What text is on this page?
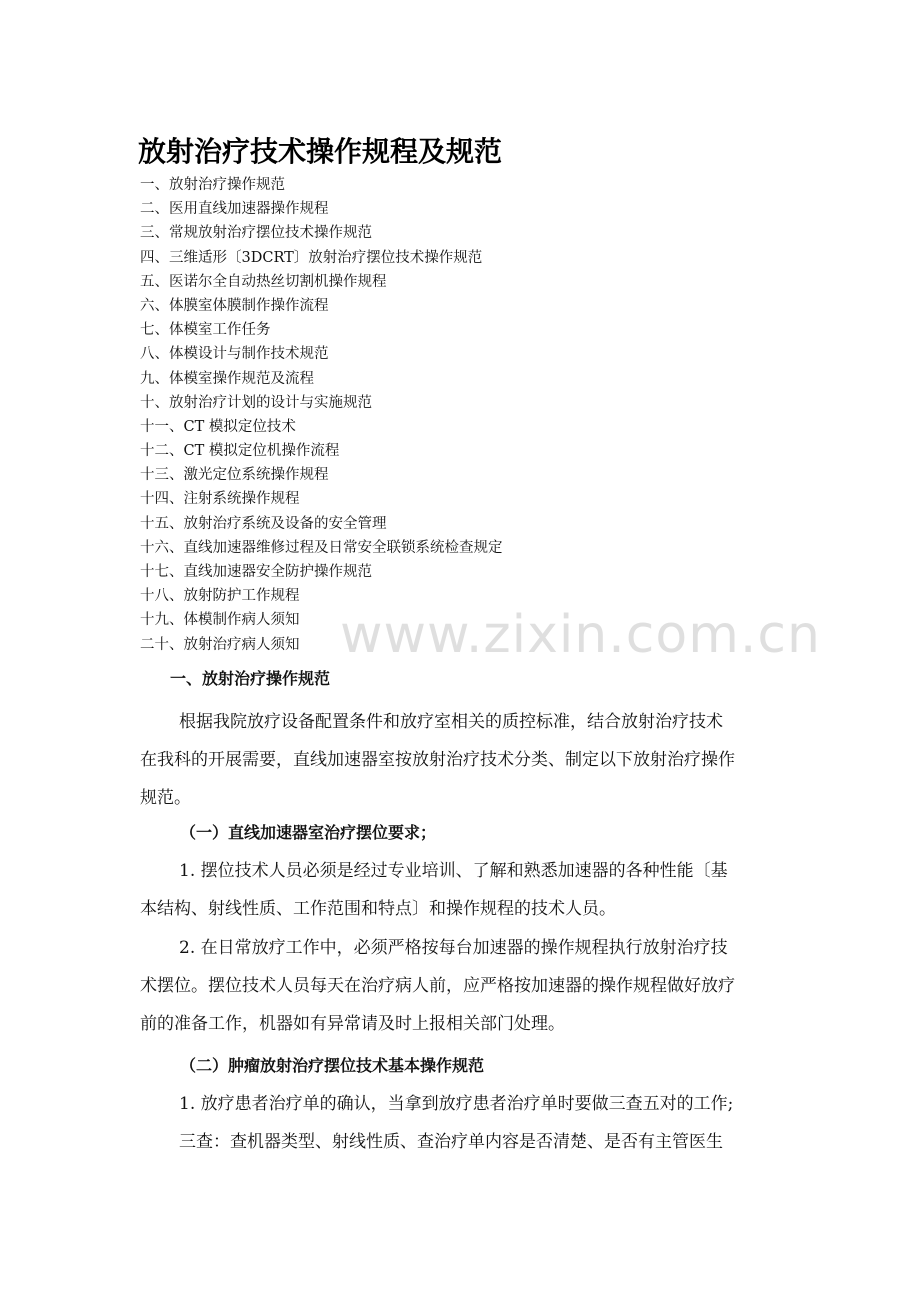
放射治疗技术操作规程及规范
一、放射治疗操作规范
二、医用直线加速器操作规程
三、常规放射治疗摆位技术操作规范
四、三维适形〔3DCRT〕放射治疗摆位技术操作规范
五、医诺尔全自动热丝切割机操作规程
六、体膜室体膜制作操作流程
七、体模室工作任务
八、体模设计与制作技术规范
九、体模室操作规范及流程
十、放射治疗计划的设计与实施规范
十一、CT 模拟定位技术
十二、CT 模拟定位机操作流程
十三、激光定位系统操作规程
十四、注射系统操作规程
十五、放射治疗系统及设备的安全管理
十六、直线加速器维修过程及日常安全联锁系统检查规定
十七、直线加速器安全防护操作规范
十八、放射防护工作规程
十九、体模制作病人须知
二十、放射治疗病人须知 www.zixin.com.cn
一、放射治疗操作规范
根据我院放疗设备配置条件和放疗室相关的质控标准，结合放射治疗技术
在我科的开展需要，直线加速器室按放射治疗技术分类、制定以下放射治疗操作
规范。
（一）直线加速器室治疗摆位要求；
1. 摆位技术人员必须是经过专业培训、了解和熟悉加速器的各种性能〔基
本结构、射线性质、工作范围和特点〕和操作规程的技术人员。
2. 在日常放疗工作中，必须严格按每台加速器的操作规程执行放射治疗技
术摆位。摆位技术人员每天在治疗病人前，应严格按加速器的操作规程做好放疗
前的准备工作，机器如有异常请及时上报相关部门处理。
（二）肿瘤放射治疗摆位技术基本操作规范
1. 放疗患者治疗单的确认，当拿到放疗患者治疗单时要做三查五对的工作;
三查：查机器类型、射线性质、查治疗单内容是否清楚、是否有主管医生
